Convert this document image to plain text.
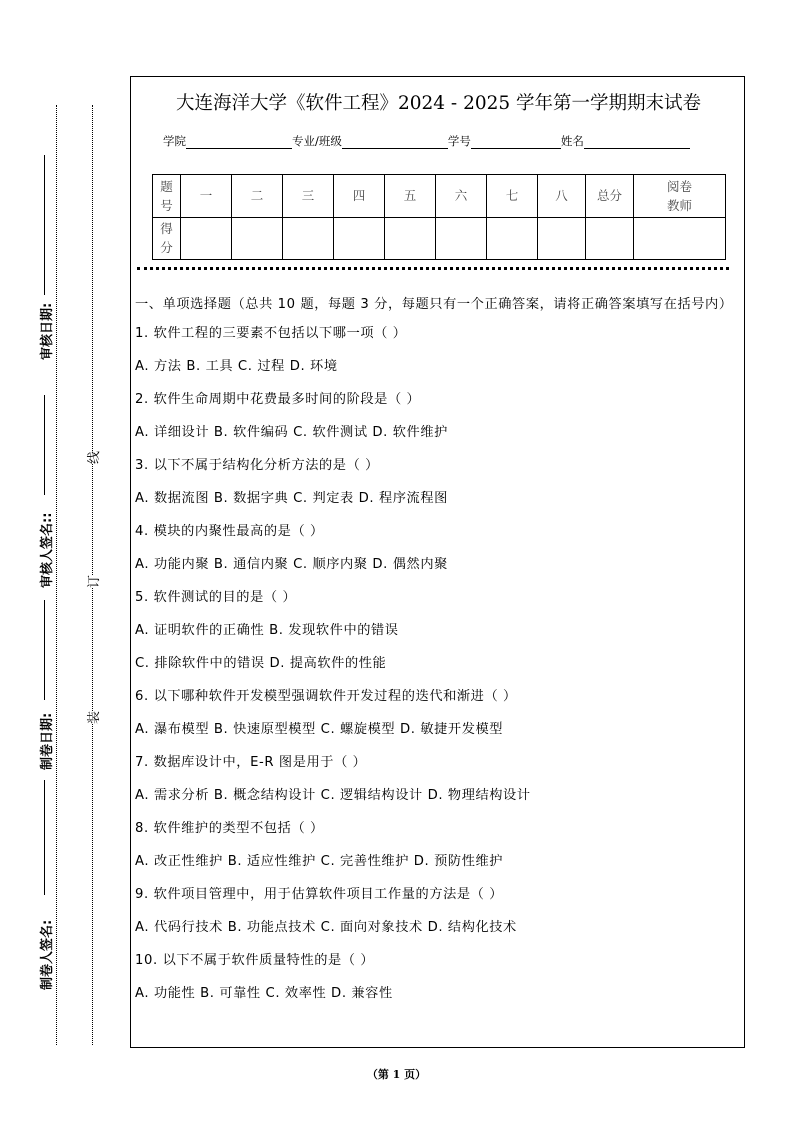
审核日期:
审核人签名::
制卷日期:
制卷人签名:
线
订
装
大连海洋大学《软件工程》2024 - 2025 学年第一学期期末试卷
学院	专业/班级	学号	姓名
题
号	一	二	三	四	五	六	七	八	总分	阅卷
教师
得
分										
一、单项选择题（总共 10 题，每题 3 分，每题只有一个正确答案，请将正确答案填写在括号内）
1. 软件工程的三要素不包括以下哪一项（ ）
A. 方法 B. 工具 C. 过程 D. 环境
2. 软件生命周期中花费最多时间的阶段是（ ）
A. 详细设计 B. 软件编码 C. 软件测试 D. 软件维护
3. 以下不属于结构化分析方法的是（ ）
A. 数据流图 B. 数据字典 C. 判定表 D. 程序流程图
4. 模块的内聚性最高的是（ ）
A. 功能内聚 B. 通信内聚 C. 顺序内聚 D. 偶然内聚
5. 软件测试的目的是（ ）
A. 证明软件的正确性 B. 发现软件中的错误
C. 排除软件中的错误 D. 提高软件的性能
6. 以下哪种软件开发模型强调软件开发过程的迭代和渐进（ ）
A. 瀑布模型 B. 快速原型模型 C. 螺旋模型 D. 敏捷开发模型
7. 数据库设计中，E-R 图是用于（ ）
A. 需求分析 B. 概念结构设计 C. 逻辑结构设计 D. 物理结构设计
8. 软件维护的类型不包括（ ）
A. 改正性维护 B. 适应性维护 C. 完善性维护 D. 预防性维护
9. 软件项目管理中，用于估算软件项目工作量的方法是（ ）
A. 代码行技术 B. 功能点技术 C. 面向对象技术 D. 结构化技术
10. 以下不属于软件质量特性的是（ ）
A. 功能性 B. 可靠性 C. 效率性 D. 兼容性
（第 1 页）
